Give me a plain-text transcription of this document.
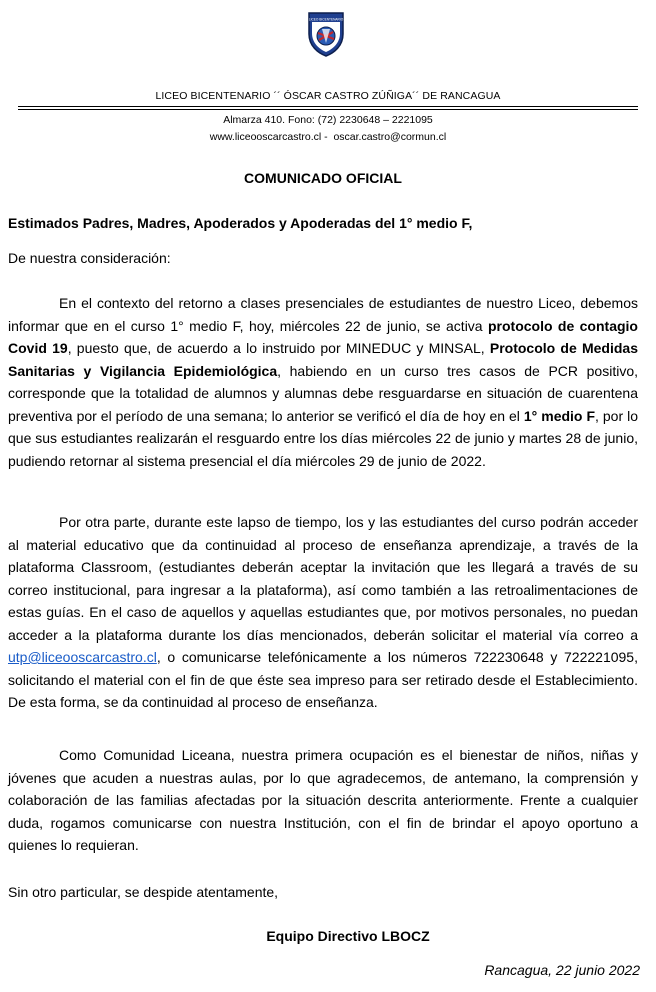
LICEO BICENTENARIO
LICEO BICENTENARIO ´´ ÓSCAR CASTRO ZÚÑIGA´´ DE RANCAGUA
Almarza 410. Fono: (72) 2230648 – 2221095
www.liceooscarcastro.cl -  oscar.castro@cormun.cl
COMUNICADO OFICIAL
Estimados Padres, Madres, Apoderados y Apoderadas del 1° medio F,
De nuestra consideración:

En el contexto del retorno a clases presenciales de estudiantes de nuestro Liceo, debemos informar que en el curso 1° medio F, hoy, miércoles 22 de junio, se activa protocolo de contagio Covid 19, puesto que, de acuerdo a lo instruido por MINEDUC y MINSAL, Protocolo de Medidas Sanitarias y Vigilancia Epidemiológica, habiendo en un curso tres casos de PCR positivo, corresponde que la totalidad de alumnos y alumnas debe resguardarse en situación de cuarentena preventiva por el período de una semana; lo anterior se verificó el día de hoy en el 1° medio F, por lo que sus estudiantes realizarán el resguardo entre los días miércoles 22 de junio y martes 28 de junio, pudiendo retornar al sistema presencial el día miércoles 29 de junio de 2022.

Por otra parte, durante este lapso de tiempo, los y las estudiantes del curso podrán acceder al material educativo que da continuidad al proceso de enseñanza aprendizaje, a través de la plataforma Classroom, (estudiantes deberán aceptar la invitación que les llegará a través de su correo institucional, para ingresar a la plataforma), así como también a las retroalimentaciones de estas guías. En el caso de aquellos y aquellas estudiantes que, por motivos personales, no puedan acceder a la plataforma durante los días mencionados, deberán solicitar el material vía correo a utp@liceooscarcastro.cl, o comunicarse telefónicamente a los números 722230648 y 722221095, solicitando el material con el fin de que éste sea impreso para ser retirado desde el Establecimiento. De esta forma, se da continuidad al proceso de enseñanza.

Como Comunidad Liceana, nuestra primera ocupación es el bienestar de niños, niñas y jóvenes que acuden a nuestras aulas, por lo que agradecemos, de antemano, la comprensión y colaboración de las familias afectadas por la situación descrita anteriormente. Frente a cualquier duda, rogamos comunicarse con nuestra Institución, con el fin de brindar el apoyo oportuno a quienes lo requieran.

Sin otro particular, se despide atentamente,
Equipo Directivo LBOCZ
Rancagua, 22 junio 2022
